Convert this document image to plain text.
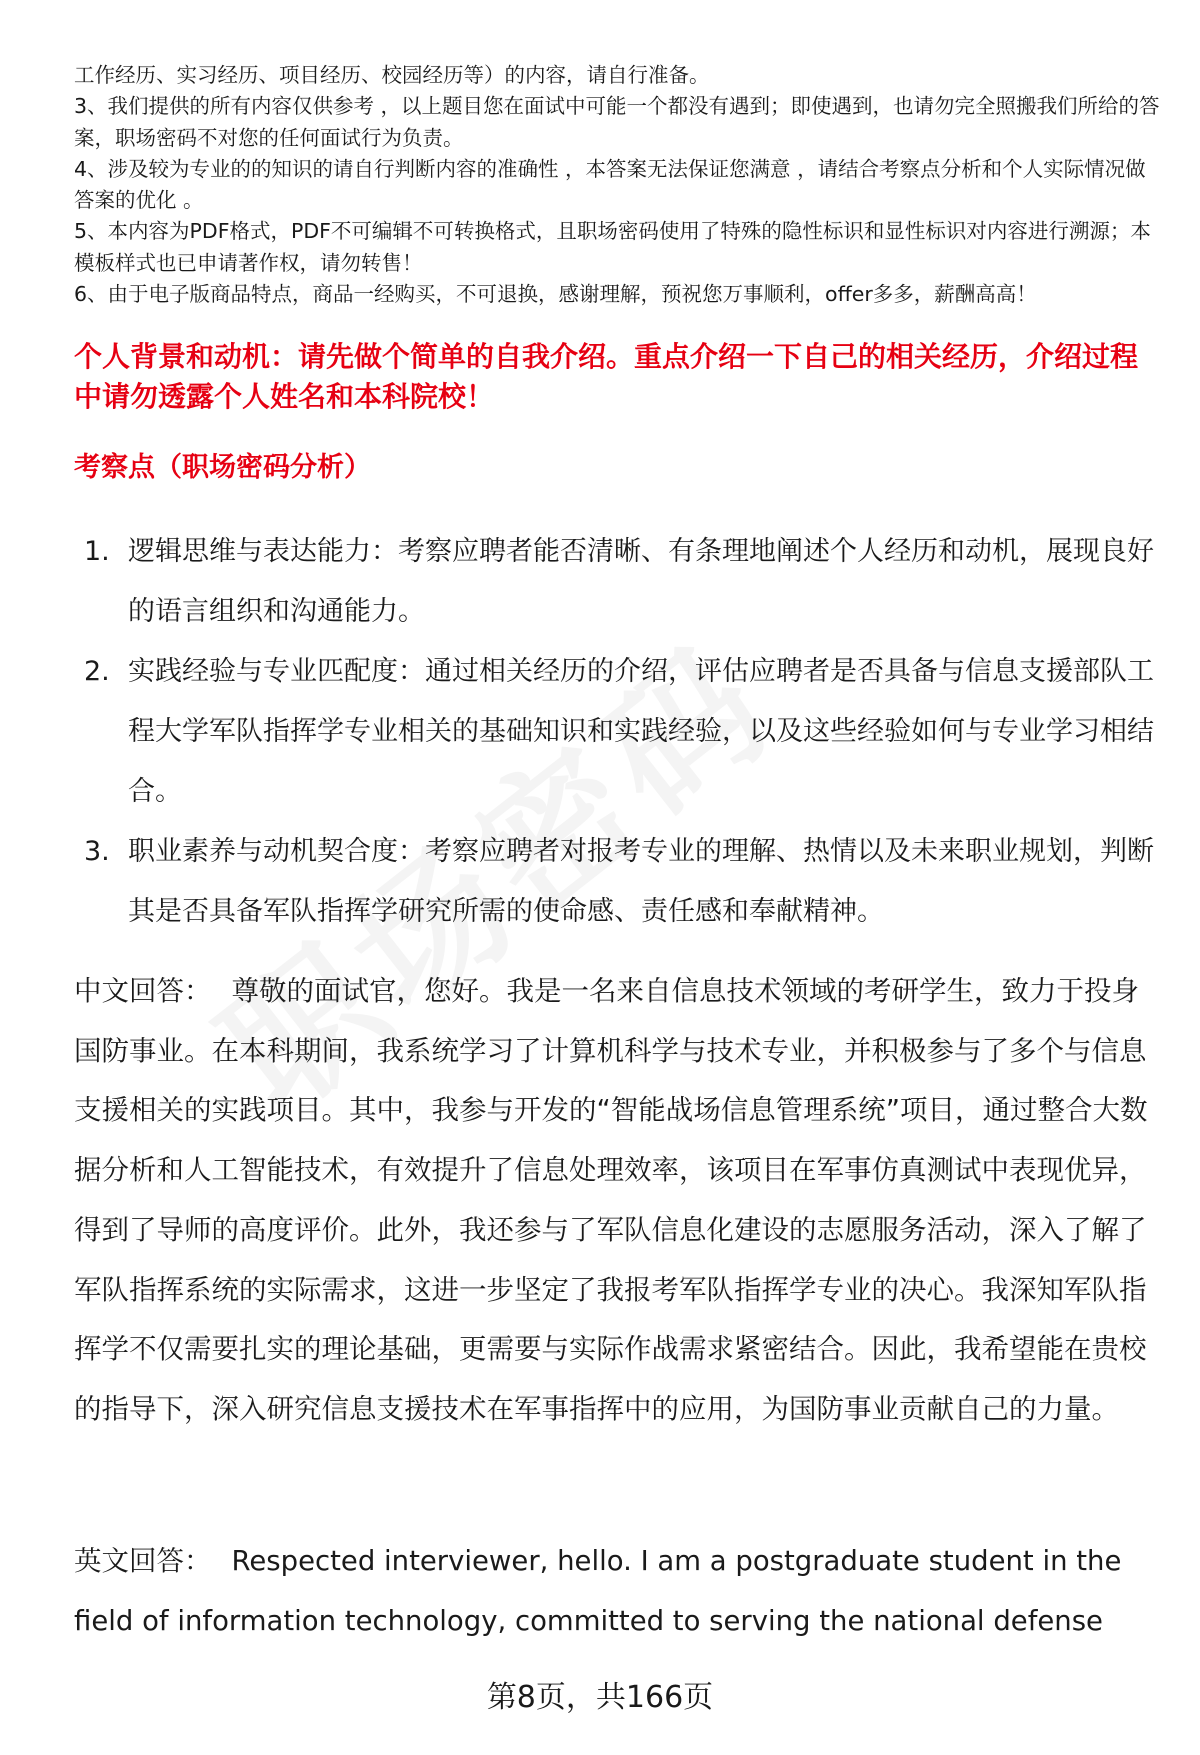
工作经历、实习经历、项目经历、校园经历等）的内容，请自行准备。

3、我们提供的所有内容仅供参考 ，以上题目您在面试中可能一个都没有遇到；即使遇到，也请勿完全照搬我们所给的答案，职场密码不对您的任何面试行为负责。

4、涉及较为专业的的知识的请自行判断内容的准确性 ，本答案无法保证您满意 ，请结合考察点分析和个人实际情况做答案的优化 。

5、本内容为PDF格式，PDF不可编辑不可转换格式，且职场密码使用了特殊的隐性标识和显性标识对内容进行溯源；本模板样式也已申请著作权，请勿转售！

6、由于电子版商品特点，商品一经购买，不可退换，感谢理解，预祝您万事顺利，offer多多，薪酬高高！

个人背景和动机：请先做个简单的自我介绍。重点介绍一下自己的相关经历，介绍过程中请勿透露个人姓名和本科院校！

考察点（职场密码分析）

1. 逻辑思维与表达能力：考察应聘者能否清晰、有条理地阐述个人经历和动机，展现良好的语言组织和沟通能力。
2. 实践经验与专业匹配度：通过相关经历的介绍，评估应聘者是否具备与信息支援部队工程大学军队指挥学专业相关的基础知识和实践经验，以及这些经验如何与专业学习相结合。
3. 职业素养与动机契合度：考察应聘者对报考专业的理解、热情以及未来职业规划，判断其是否具备军队指挥学研究所需的使命感、责任感和奉献精神。

中文回答： 尊敬的面试官，您好。我是一名来自信息技术领域的考研学生，致力于投身国防事业。在本科期间，我系统学习了计算机科学与技术专业，并积极参与了多个与信息支援相关的实践项目。其中，我参与开发的“智能战场信息管理系统”项目，通过整合大数据分析和人工智能技术，有效提升了信息处理效率，该项目在军事仿真测试中表现优异，得到了导师的高度评价。此外，我还参与了军队信息化建设的志愿服务活动，深入了解了军队指挥系统的实际需求，这进一步坚定了我报考军队指挥学专业的决心。我深知军队指挥学不仅需要扎实的理论基础，更需要与实际作战需求紧密结合。因此，我希望能在贵校的指导下，深入研究信息支援技术在军事指挥中的应用，为国防事业贡献自己的力量。

英文回答： Respected interviewer, hello. I am a postgraduate student in the field of information technology, committed to serving the national defense

第8页，共166页
